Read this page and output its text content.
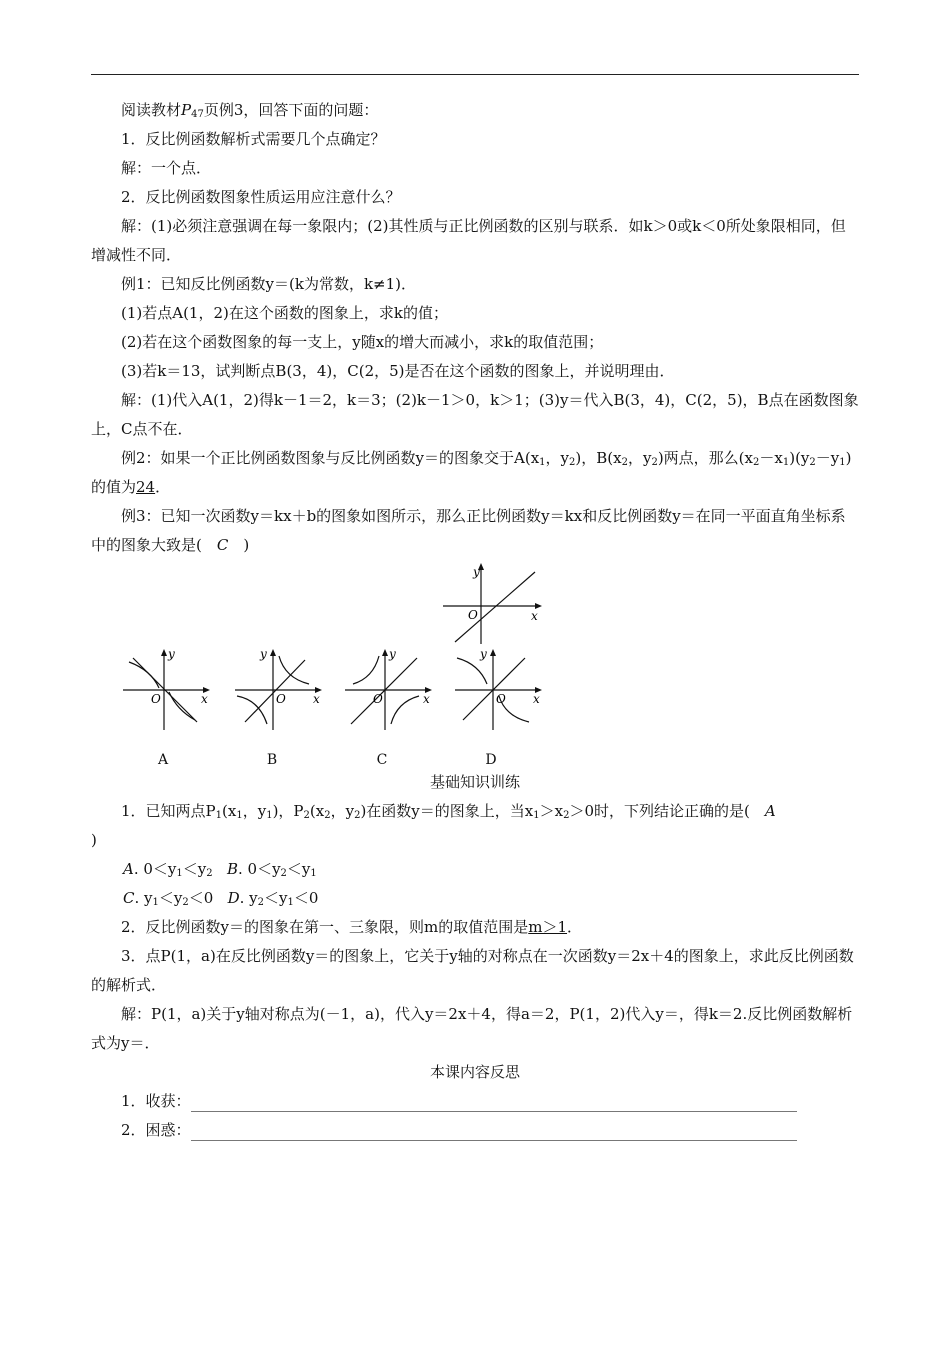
阅读教材$P_{47}$页例3，回答下面的问题：

1．反比例函数解析式需要几个点确定？

解：一个点．

2．反比例函数图象性质运用应注意什么？

解：(1)必须注意强调在每一象限内；(2)其性质与正比例函数的区别与联系．如k＞0或k＜0所处象限相同，但增减性不同．

例1：已知反比例函数y＝(k为常数，k≠1)．

(1)若点A(1，2)在这个函数的图象上，求k的值；

(2)若在这个函数图象的每一支上，y随x的增大而减小，求k的取值范围；

(3)若k＝13，试判断点B(3，4)，C(2，5)是否在这个函数的图象上，并说明理由．

解：(1)代入A(1，2)得k－1＝2，k＝3；(2)k－1＞0，k＞1；(3)y＝代入B(3，4)，C(2，5)，B点在函数图象上，C点不在．

例2：如果一个正比例函数图象与反比例函数y＝的图象交于$A(x_1$，$y_2$)，$B(x_2$，$y_2$)两点，那么$(x_2-x_1)(y_2-y_1)$的值为24．

例3：已知一次函数y＝kx＋b的图象如图所示，那么正比例函数y＝kx和反比例函数y＝在同一平面直角坐标系中的图象大致是(　C　)

y
x
O
y
x
O
y
x
O
y
x
O
y
x
O
A	B	C	D

基础知识训练

1．已知两点$P_1(x_1$，$y_1$)，$P_2(x_2$，$y_2$)在函数y＝的图象上，当$x_1>x_2>0$时，下列结论正确的是(　A
)

A. $0<y_1<y_2$ B. $0<y_2<y_1$

C. $y_1<y_2<0$ D. $y_2<y_1<0$

2．反比例函数y＝的图象在第一、三象限，则m的取值范围是m＞1．

3．点P(1，a)在反比例函数y＝的图象上，它关于y轴的对称点在一次函数y＝2x＋4的图象上，求此反比例函数的解析式．

解：P(1，a)关于y轴对称点为(－1，a)，代入y＝2x＋4，得a＝2，P(1，2)代入y＝，得k＝2.反比例函数解析式为y＝．

本课内容反思

1．收获：

2．困惑：
